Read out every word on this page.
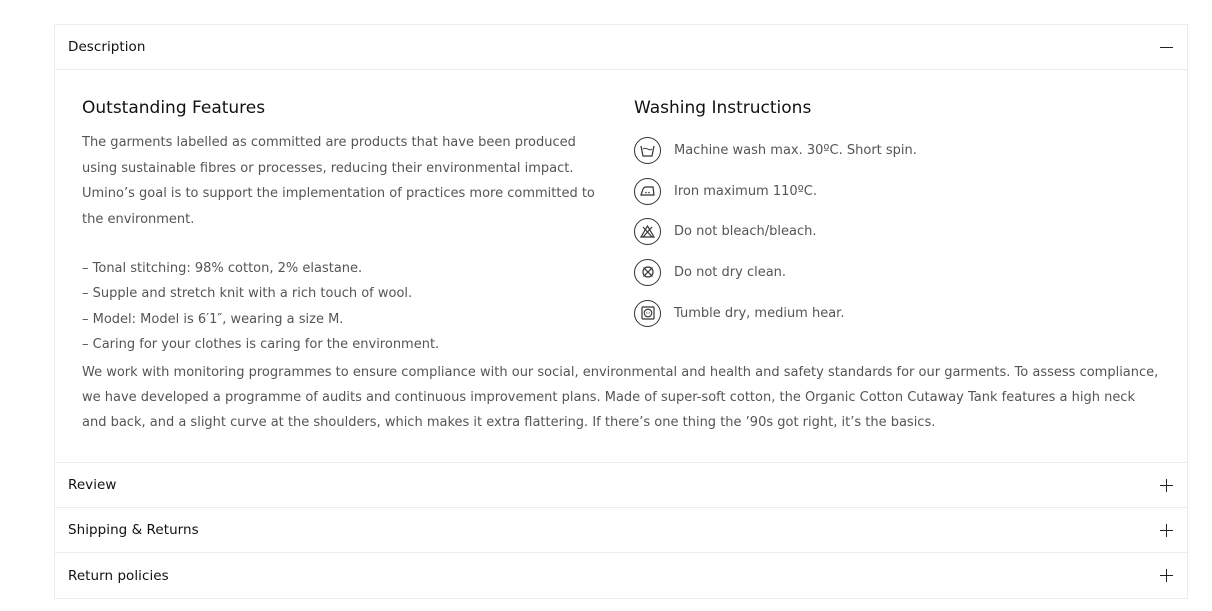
Description
Outstanding Features

The garments labelled as committed are products that have been produced using sustainable fibres or processes, reducing their environmental impact. Umino’s goal is to support the implementation of practices more committed to the environment.

– Tonal stitching: 98% cotton, 2% elastane.
– Supple and stretch knit with a rich touch of wool.
– Model: Model is 6′1″, wearing a size M.
– Caring for your clothes is caring for the environment.
Washing Instructions
Machine wash max. 30ºC. Short spin.
Iron maximum 110ºC.
Do not bleach/bleach.
Do not dry clean.
Tumble dry, medium hear.

We work with monitoring programmes to ensure compliance with our social, environmental and health and safety standards for our garments. To assess compliance, we have developed a programme of audits and continuous improvement plans. Made of super-soft cotton, the Organic Cotton Cutaway Tank features a high neck and back, and a slight curve at the shoulders, which makes it extra flattering. If there’s one thing the ’90s got right, it’s the basics.

Review
Shipping & Returns
Return policies
